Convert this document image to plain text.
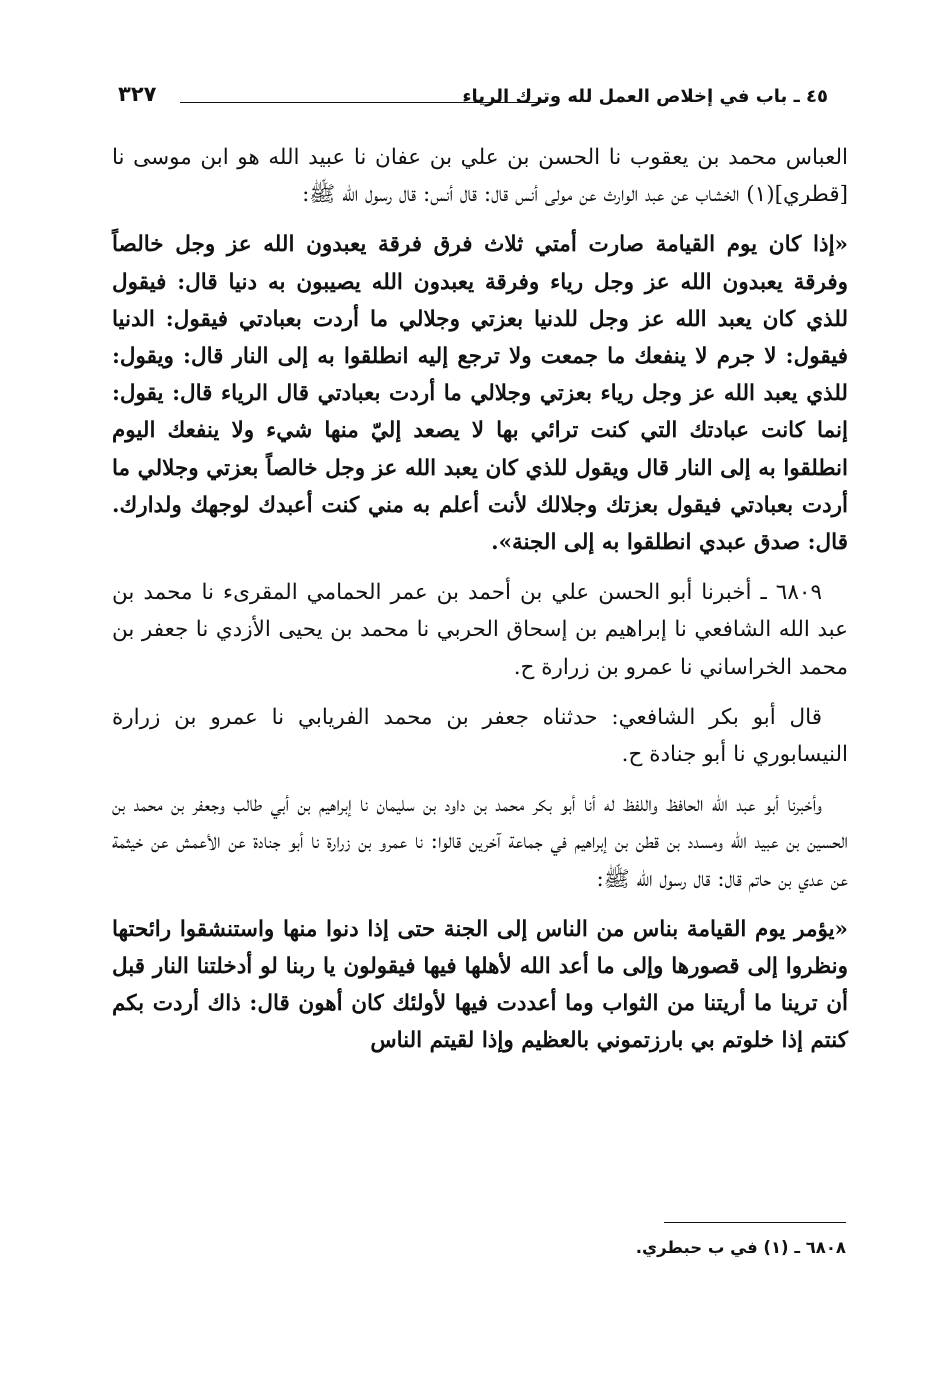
٤٥ ـ باب في إخلاص العمل لله وترك الرياء
٣٢٧

العباس محمد بن يعقوب نا الحسن بن علي بن عفان نا عبيد الله هو ابن موسى نا [قطري](١) الخشاب عن عبد الوارث عن مولى أنس قال: قال أنس: قال رسول الله ﷺ:

«إذا كان يوم القيامة صارت أمتي ثلاث فرق فرقة يعبدون الله عز وجل خالصاً وفرقة يعبدون الله عز وجل رياء وفرقة يعبدون الله يصيبون به دنيا قال: فيقول للذي كان يعبد الله عز وجل للدنيا بعزتي وجلالي ما أردت بعبادتي فيقول: الدنيا فيقول: لا جرم لا ينفعك ما جمعت ولا ترجع إليه انطلقوا به إلى النار قال: ويقول: للذي يعبد الله عز وجل رياء بعزتي وجلالي ما أردت بعبادتي قال الرياء قال: يقول: إنما كانت عبادتك التي كنت ترائي بها لا يصعد إليّ منها شيء ولا ينفعك اليوم انطلقوا به إلى النار قال ويقول للذي كان يعبد الله عز وجل خالصاً بعزتي وجلالي ما أردت بعبادتي فيقول بعزتك وجلالك لأنت أعلم به مني كنت أعبدك لوجهك ولدارك. قال: صدق عبدي انطلقوا به إلى الجنة».

٦٨٠٩ ـ أخبرنا أبو الحسن علي بن أحمد بن عمر الحمامي المقرىء نا محمد بن عبد الله الشافعي نا إبراهيم بن إسحاق الحربي نا محمد بن يحيى الأزدي نا جعفر بن محمد الخراساني نا عمرو بن زرارة ح.

قال أبو بكر الشافعي: حدثناه جعفر بن محمد الفريابي نا عمرو بن زرارة النيسابوري نا أبو جنادة ح.

وأخبرنا أبو عبد الله الحافظ واللفظ له أنا أبو بكر محمد بن داود بن سليمان نا إبراهيم بن أبي طالب وجعفر بن محمد بن الحسين بن عبيد الله ومسدد بن قطن بن إبراهيم في جماعة آخرين قالوا: نا عمرو بن زرارة نا أبو جنادة عن الأعمش عن خيثمة عن عدي بن حاتم قال: قال رسول الله ﷺ:

«يؤمر يوم القيامة بناس من الناس إلى الجنة حتى إذا دنوا منها واستنشقوا رائحتها ونظروا إلى قصورها وإلى ما أعد الله لأهلها فيها فيقولون يا ربنا لو أدخلتنا النار قبل أن ترينا ما أريتنا من الثواب وما أعددت فيها لأولئك كان أهون قال: ذاك أردت بكم كنتم إذا خلوتم بي بارزتموني بالعظيم وإذا لقيتم الناس

٦٨٠٨ ـ (١) في ب حبطري.
